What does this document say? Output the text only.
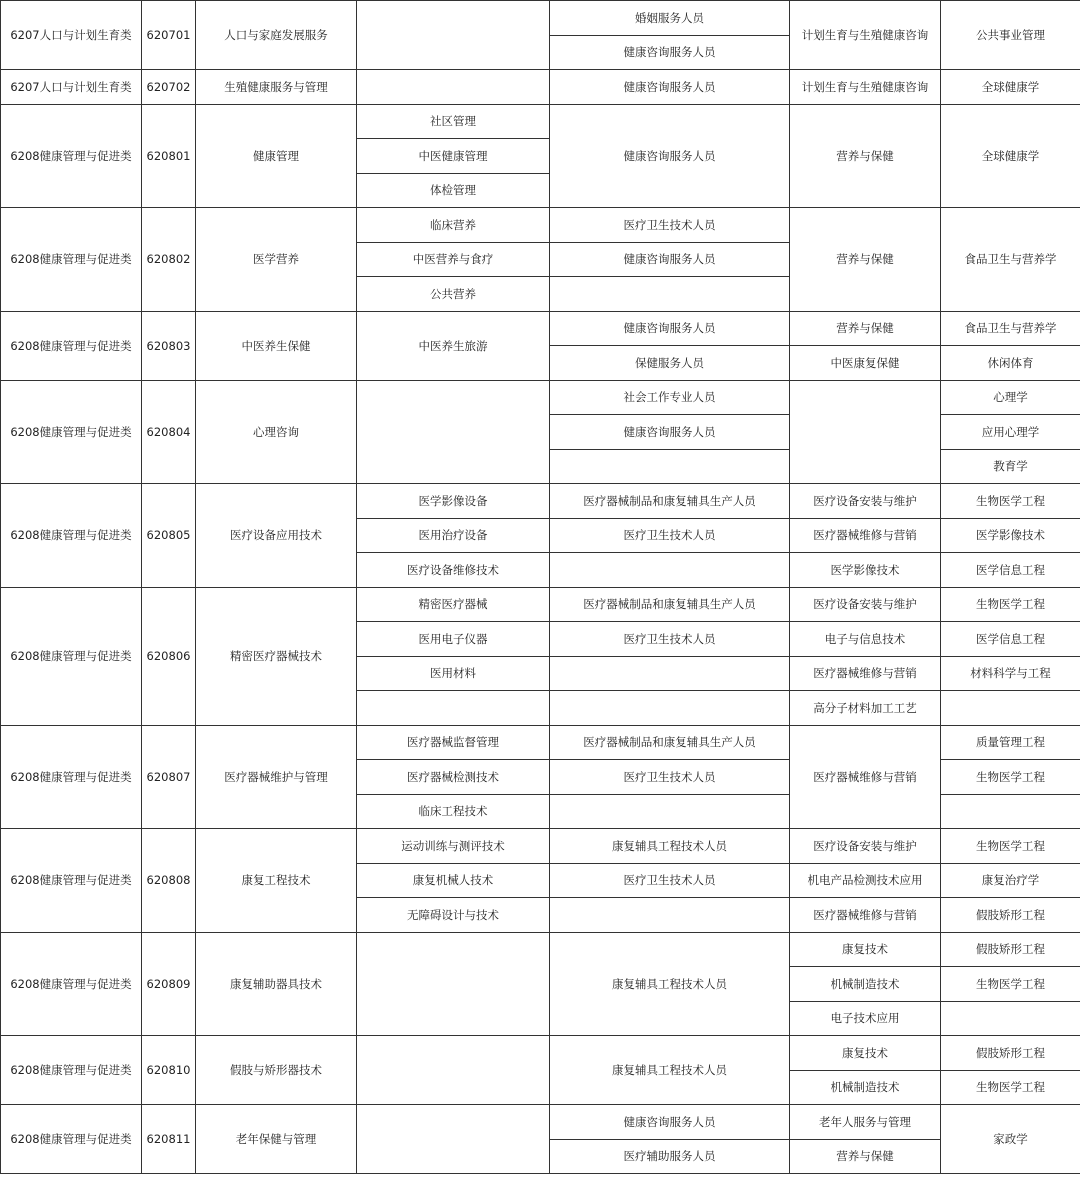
6207人口与计划生育类	620701	人口与家庭发展服务		婚姻服务人员	计划生育与生殖健康咨询	公共事业管理
				健康咨询服务人员		
6207人口与计划生育类	620702	生殖健康服务与管理		健康咨询服务人员	计划生育与生殖健康咨询	全球健康学
6208健康管理与促进类	620801	健康管理	社区管理	健康咨询服务人员	营养与保健	全球健康学
			中医健康管理			
			体检管理			
6208健康管理与促进类	620802	医学营养	临床营养	医疗卫生技术人员	营养与保健	食品卫生与营养学
			中医营养与食疗	健康咨询服务人员		
			公共营养			
6208健康管理与促进类	620803	中医养生保健	中医养生旅游	健康咨询服务人员	营养与保健	食品卫生与营养学
				保健服务人员	中医康复保健	休闲体育
6208健康管理与促进类	620804	心理咨询		社会工作专业人员		心理学
				健康咨询服务人员		应用心理学
						教育学
6208健康管理与促进类	620805	医疗设备应用技术	医学影像设备	医疗器械制品和康复辅具生产人员	医疗设备安装与维护	生物医学工程
			医用治疗设备	医疗卫生技术人员	医疗器械维修与营销	医学影像技术
			医疗设备维修技术		医学影像技术	医学信息工程
6208健康管理与促进类	620806	精密医疗器械技术	精密医疗器械	医疗器械制品和康复辅具生产人员	医疗设备安装与维护	生物医学工程
			医用电子仪器	医疗卫生技术人员	电子与信息技术	医学信息工程
			医用材料		医疗器械维修与营销	材料科学与工程
					高分子材料加工工艺	
6208健康管理与促进类	620807	医疗器械维护与管理	医疗器械监督管理	医疗器械制品和康复辅具生产人员	医疗器械维修与营销	质量管理工程
			医疗器械检测技术	医疗卫生技术人员		生物医学工程
			临床工程技术			
6208健康管理与促进类	620808	康复工程技术	运动训练与测评技术	康复辅具工程技术人员	医疗设备安装与维护	生物医学工程
			康复机械人技术	医疗卫生技术人员	机电产品检测技术应用	康复治疗学
			无障碍设计与技术		医疗器械维修与营销	假肢矫形工程
6208健康管理与促进类	620809	康复辅助器具技术		康复辅具工程技术人员	康复技术	假肢矫形工程
					机械制造技术	生物医学工程
					电子技术应用	
6208健康管理与促进类	620810	假肢与矫形器技术		康复辅具工程技术人员	康复技术	假肢矫形工程
					机械制造技术	生物医学工程
6208健康管理与促进类	620811	老年保健与管理		健康咨询服务人员	老年人服务与管理	家政学
				医疗辅助服务人员	营养与保健	
